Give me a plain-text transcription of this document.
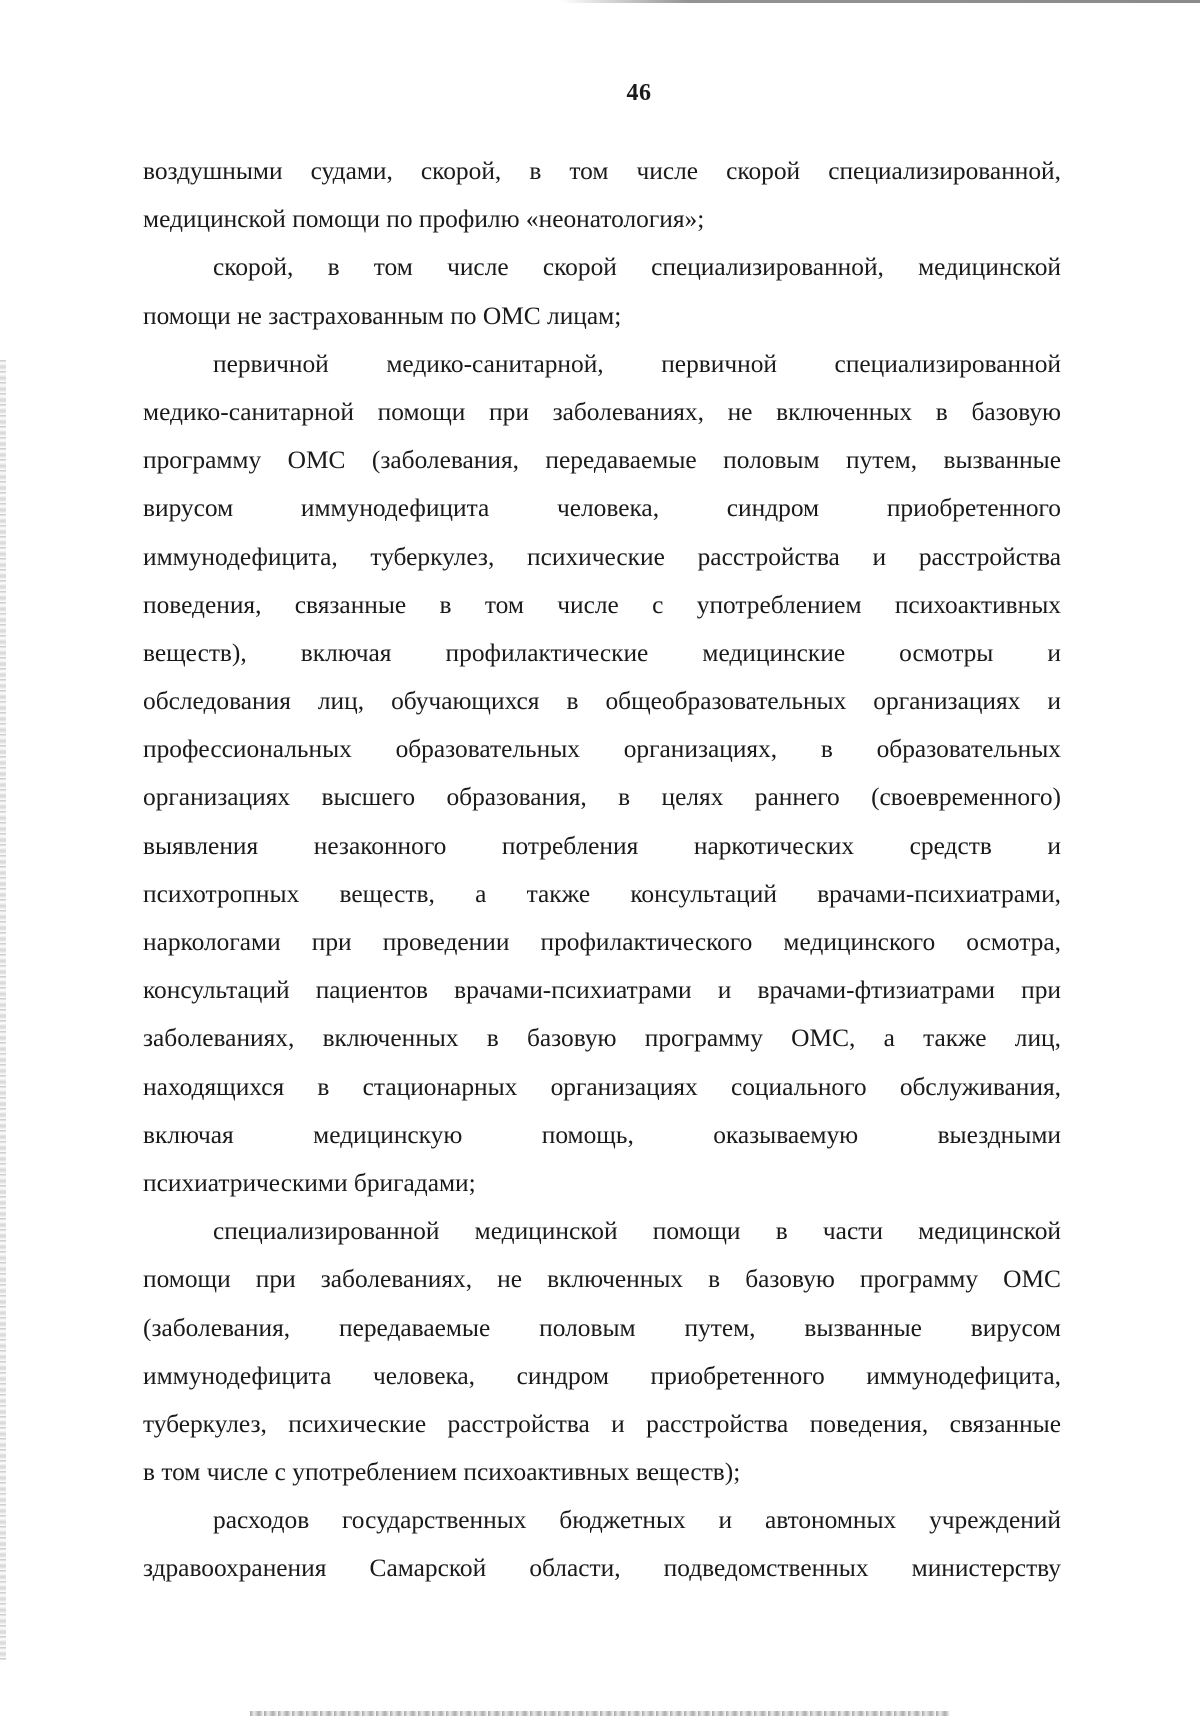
46
воздушными судами, скорой, в том числе скорой специализированной,
медицинской помощи по профилю «неонатология»;
скорой, в том числе скорой специализированной, медицинской
помощи не застрахованным по ОМС лицам;
первичной медико-санитарной, первичной специализированной
медико-санитарной помощи при заболеваниях, не включенных в базовую
программу ОМС (заболевания, передаваемые половым путем, вызванные
вирусом иммунодефицита человека, синдром приобретенного
иммунодефицита, туберкулез, психические расстройства и расстройства
поведения, связанные в том числе с употреблением психоактивных
веществ), включая профилактические медицинские осмотры и
обследования лиц, обучающихся в общеобразовательных организациях и
профессиональных образовательных организациях, в образовательных
организациях высшего образования, в целях раннего (своевременного)
выявления незаконного потребления наркотических средств и
психотропных веществ, а также консультаций врачами-психиатрами,
наркологами при проведении профилактического медицинского осмотра,
консультаций пациентов врачами-психиатрами и врачами-фтизиатрами при
заболеваниях, включенных в базовую программу ОМС, а также лиц,
находящихся в стационарных организациях социального обслуживания,
включая медицинскую помощь, оказываемую выездными
психиатрическими бригадами;
специализированной медицинской помощи в части медицинской
помощи при заболеваниях, не включенных в базовую программу ОМС
(заболевания, передаваемые половым путем, вызванные вирусом
иммунодефицита человека, синдром приобретенного иммунодефицита,
туберкулез, психические расстройства и расстройства поведения, связанные
в том числе с употреблением психоактивных веществ);
расходов государственных бюджетных и автономных учреждений
здравоохранения Самарской области, подведомственных министерству
